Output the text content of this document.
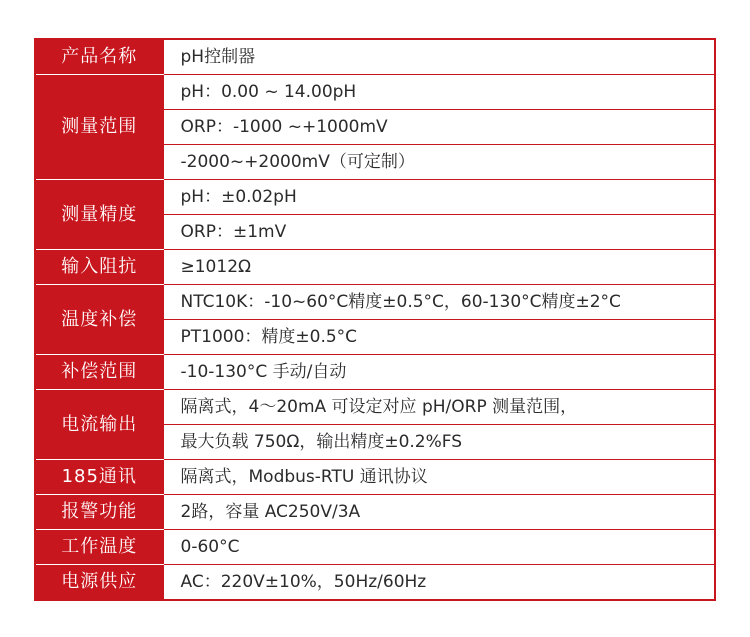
产品名称	pH控制器
测量范围	pH：0.00 ~ 14.00pH
	ORP：-1000 ~+1000mV
	-2000~+2000mV（可定制）
测量精度	pH：±0.02pH
	ORP：±1mV
输入阻抗	≥1012Ω
温度补偿	NTC10K：-10~60°C精度±0.5°C，60-130°C精度±2°C
	PT1000：精度±0.5°C
补偿范围	-10-130°C 手动/自动
电流输出	隔离式，4～20mA 可设定对应 pH/ORP 测量范围，
	最大负载 750Ω，输出精度±0.2%FS
185通讯	隔离式，Modbus-RTU 通讯协议
报警功能	2路，容量 AC250V/3A
工作温度	0-60°C
电源供应	AC：220V±10%，50Hz/60Hz
